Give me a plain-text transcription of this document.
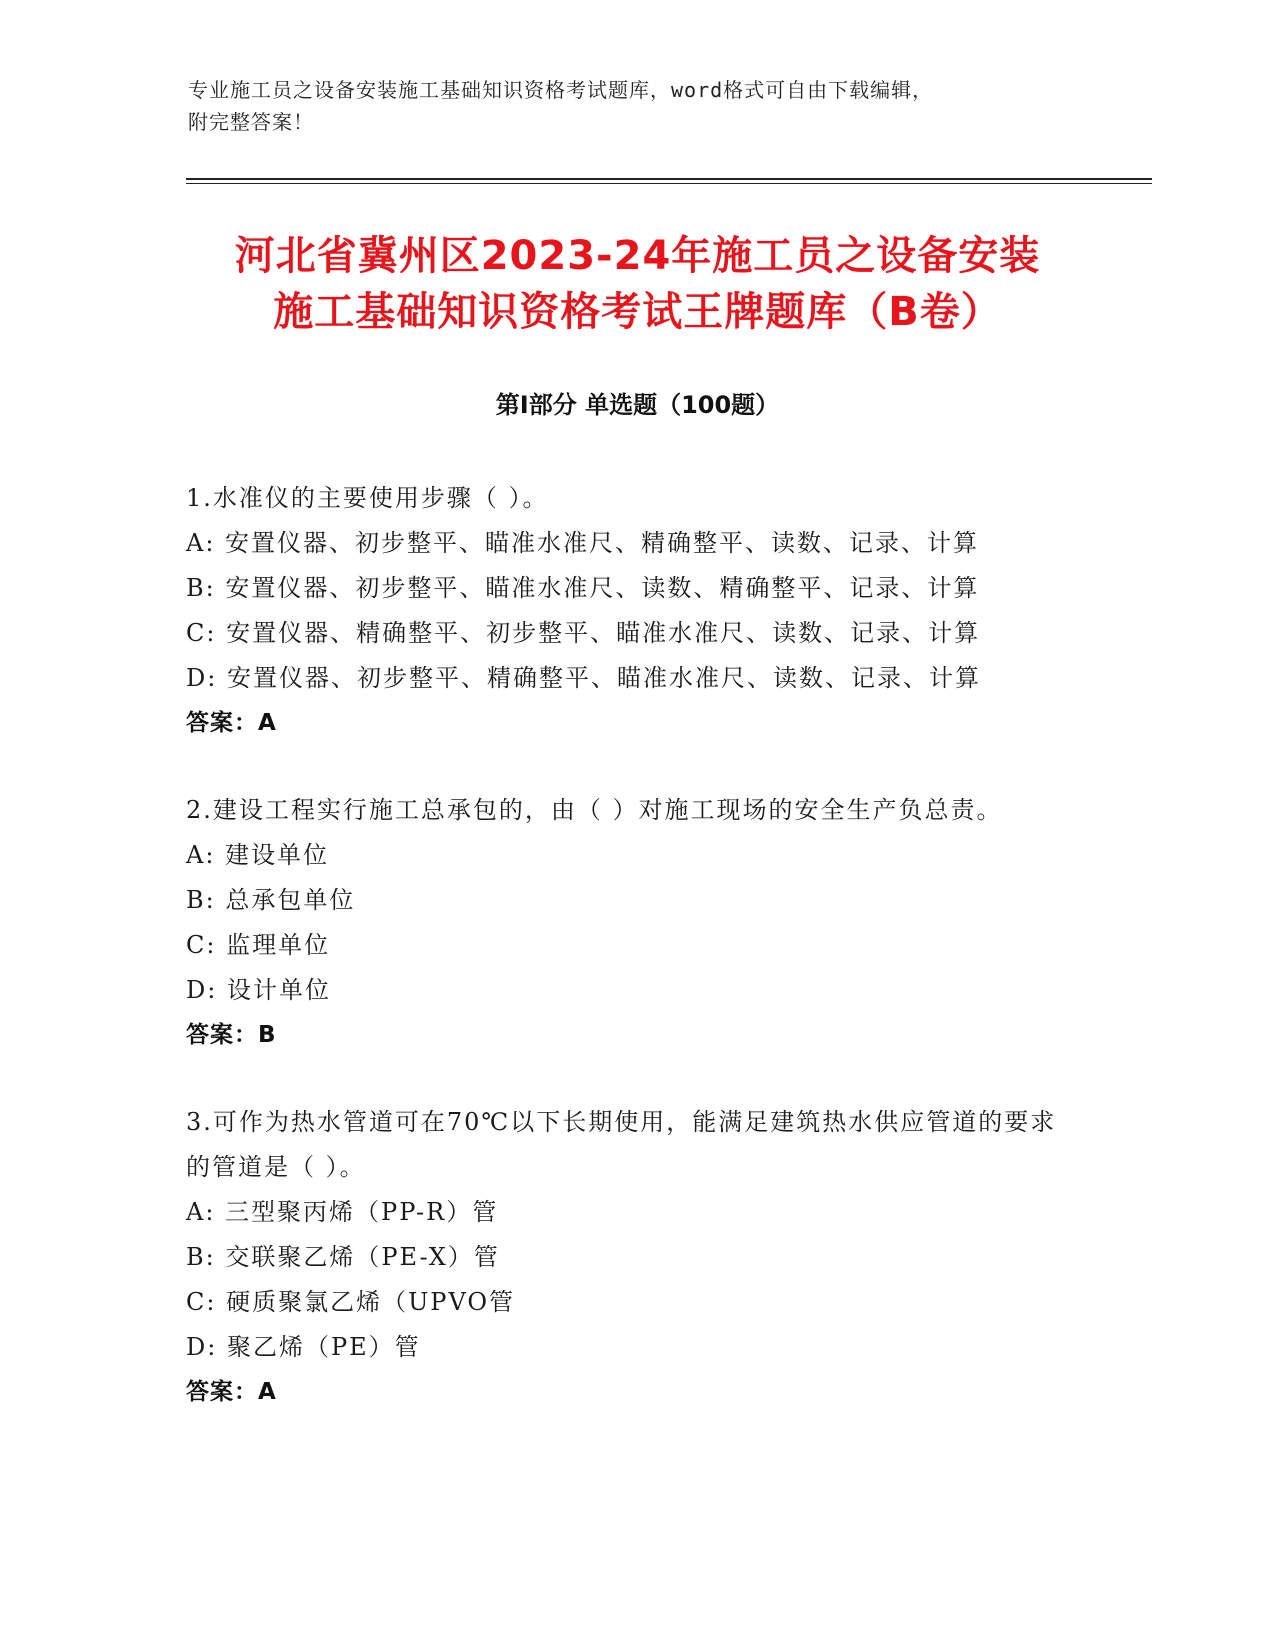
专业施工员之设备安装施工基础知识资格考试题库，word格式可自由下载编辑，
附完整答案！
河北省冀州区2023-24年施工员之设备安装
施工基础知识资格考试王牌题库（B卷）
第Ⅰ部分 单选题（100题）
1.水准仪的主要使用步骤（ ）。
A: 安置仪器、初步整平、瞄准水准尺、精确整平、读数、记录、计算
B: 安置仪器、初步整平、瞄准水准尺、读数、精确整平、记录、计算
C: 安置仪器、精确整平、初步整平、瞄准水准尺、读数、记录、计算
D: 安置仪器、初步整平、精确整平、瞄准水准尺、读数、记录、计算
答案：A
2.建设工程实行施工总承包的，由（ ）对施工现场的安全生产负总责。
A: 建设单位
B: 总承包单位
C: 监理单位
D: 设计单位
答案：B
3.可作为热水管道可在70℃以下长期使用，能满足建筑热水供应管道的要求的管道是（ ）。
A: 三型聚丙烯（PP-R）管
B: 交联聚乙烯（PE-X）管
C: 硬质聚氯乙烯（UPVO管
D: 聚乙烯（PE）管
答案：A
